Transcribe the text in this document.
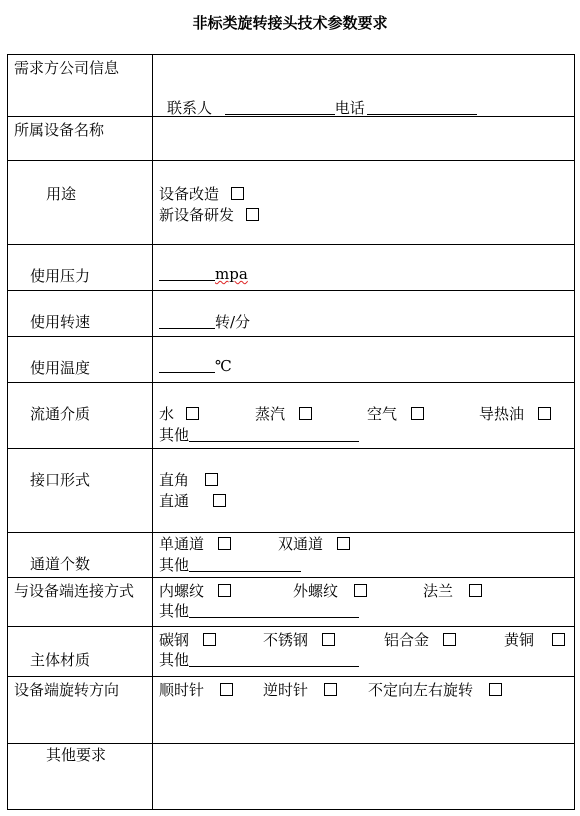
非标类旋转接头技术参数要求
需求方公司信息	联系人 电话

所属设备名称	

用途	设备改造
新设备研发

使用压力	mpa

使用转速	转/分

使用温度	℃

流通介质	水 蒸汽 空气 导热油
其他

接口形式	直角
直通

通道个数	单通道 双通道
其他

与设备端连接方式	内螺纹 外螺纹 法兰
其他

主体材质	碳钢 不锈钢 铝合金 黄铜
其他

设备端旋转方向	顺时针 逆时针 不定向左右旋转

其他要求	
